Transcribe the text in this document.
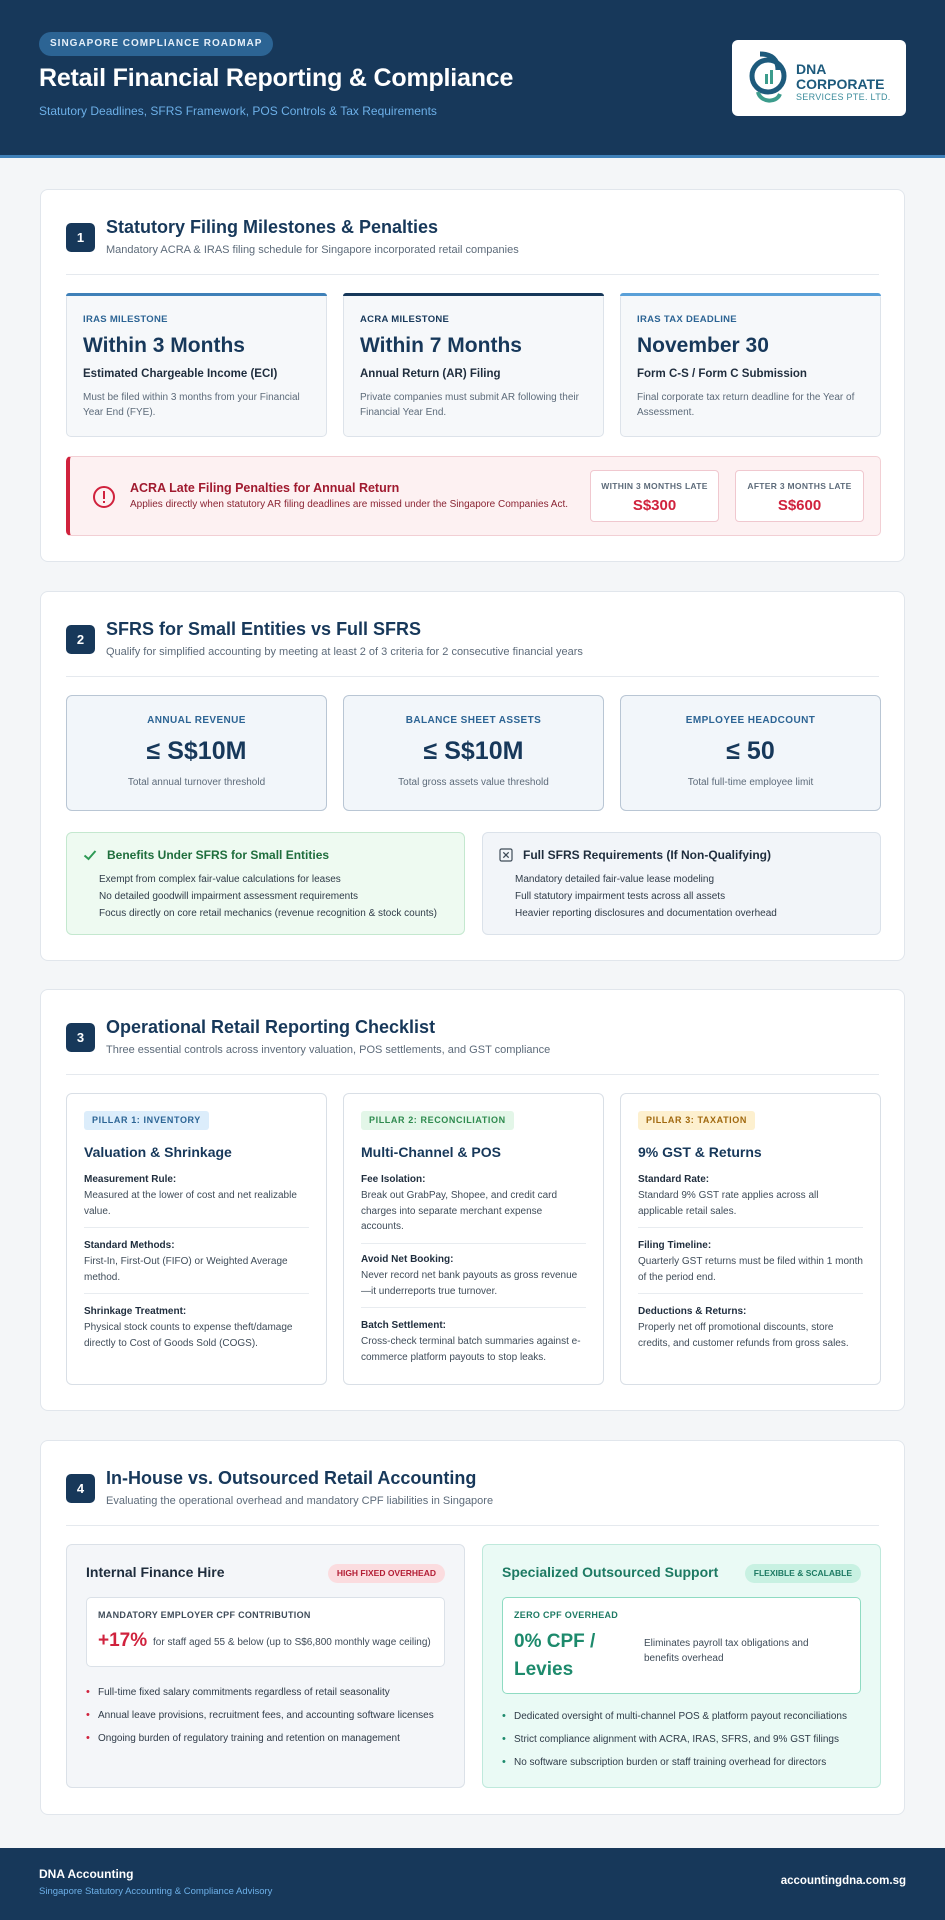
SINGAPORE COMPLIANCE ROADMAP
Retail Financial Reporting & Compliance
Statutory Deadlines, SFRS Framework, POS Controls & Tax Requirements
DNA
CORPORATE
SERVICES PTE. LTD.
1
Statutory Filing Milestones & Penalties
Mandatory ACRA & IRAS filing schedule for Singapore incorporated retail companies
IRAS MILESTONE
Within 3 Months
Estimated Chargeable Income (ECI)
Must be filed within 3 months from your Financial Year End (FYE).
ACRA MILESTONE
Within 7 Months
Annual Return (AR) Filing
Private companies must submit AR following their Financial Year End.
IRAS TAX DEADLINE
November 30
Form C-S / Form C Submission
Final corporate tax return deadline for the Year of Assessment.
ACRA Late Filing Penalties for Annual Return
Applies directly when statutory AR filing deadlines are missed under the Singapore Companies Act.
WITHIN 3 MONTHS LATE
S$300
AFTER 3 MONTHS LATE
S$600
2
SFRS for Small Entities vs Full SFRS
Qualify for simplified accounting by meeting at least 2 of 3 criteria for 2 consecutive financial years
ANNUAL REVENUE
≤ S$10M
Total annual turnover threshold
BALANCE SHEET ASSETS
≤ S$10M
Total gross assets value threshold
EMPLOYEE HEADCOUNT
≤ 50
Total full-time employee limit
Benefits Under SFRS for Small Entities
Exempt from complex fair-value calculations for leases
No detailed goodwill impairment assessment requirements
Focus directly on core retail mechanics (revenue recognition & stock counts)
Full SFRS Requirements (If Non-Qualifying)
Mandatory detailed fair-value lease modeling
Full statutory impairment tests across all assets
Heavier reporting disclosures and documentation overhead
3
Operational Retail Reporting Checklist
Three essential controls across inventory valuation, POS settlements, and GST compliance
PILLAR 1: INVENTORY
Valuation & Shrinkage
Measurement Rule:
Measured at the lower of cost and net realizable value.
Standard Methods:
First-In, First-Out (FIFO) or Weighted Average method.
Shrinkage Treatment:
Physical stock counts to expense theft/damage directly to Cost of Goods Sold (COGS).
PILLAR 2: RECONCILIATION
Multi-Channel & POS
Fee Isolation:
Break out GrabPay, Shopee, and credit card charges into separate merchant expense accounts.
Avoid Net Booking:
Never record net bank payouts as gross revenue—it underreports true turnover.
Batch Settlement:
Cross-check terminal batch summaries against e-commerce platform payouts to stop leaks.
PILLAR 3: TAXATION
9% GST & Returns
Standard Rate:
Standard 9% GST rate applies across all applicable retail sales.
Filing Timeline:
Quarterly GST returns must be filed within 1 month of the period end.
Deductions & Returns:
Properly net off promotional discounts, store credits, and customer refunds from gross sales.
4
In-House vs. Outsourced Retail Accounting
Evaluating the operational overhead and mandatory CPF liabilities in Singapore
Internal Finance Hire	HIGH FIXED OVERHEAD
MANDATORY EMPLOYER CPF CONTRIBUTION
+17% for staff aged 55 & below (up to S$6,800 monthly wage ceiling)
• Full-time fixed salary commitments regardless of retail seasonality
• Annual leave provisions, recruitment fees, and accounting software licenses
• Ongoing burden of regulatory training and retention on management
Specialized Outsourced Support	FLEXIBLE & SCALABLE
ZERO CPF OVERHEAD
0% CPF /
Levies
Eliminates payroll tax obligations and benefits overhead
• Dedicated oversight of multi-channel POS & platform payout reconciliations
• Strict compliance alignment with ACRA, IRAS, SFRS, and 9% GST filings
• No software subscription burden or staff training overhead for directors
DNA Accounting
Singapore Statutory Accounting & Compliance Advisory
accountingdna.com.sg
